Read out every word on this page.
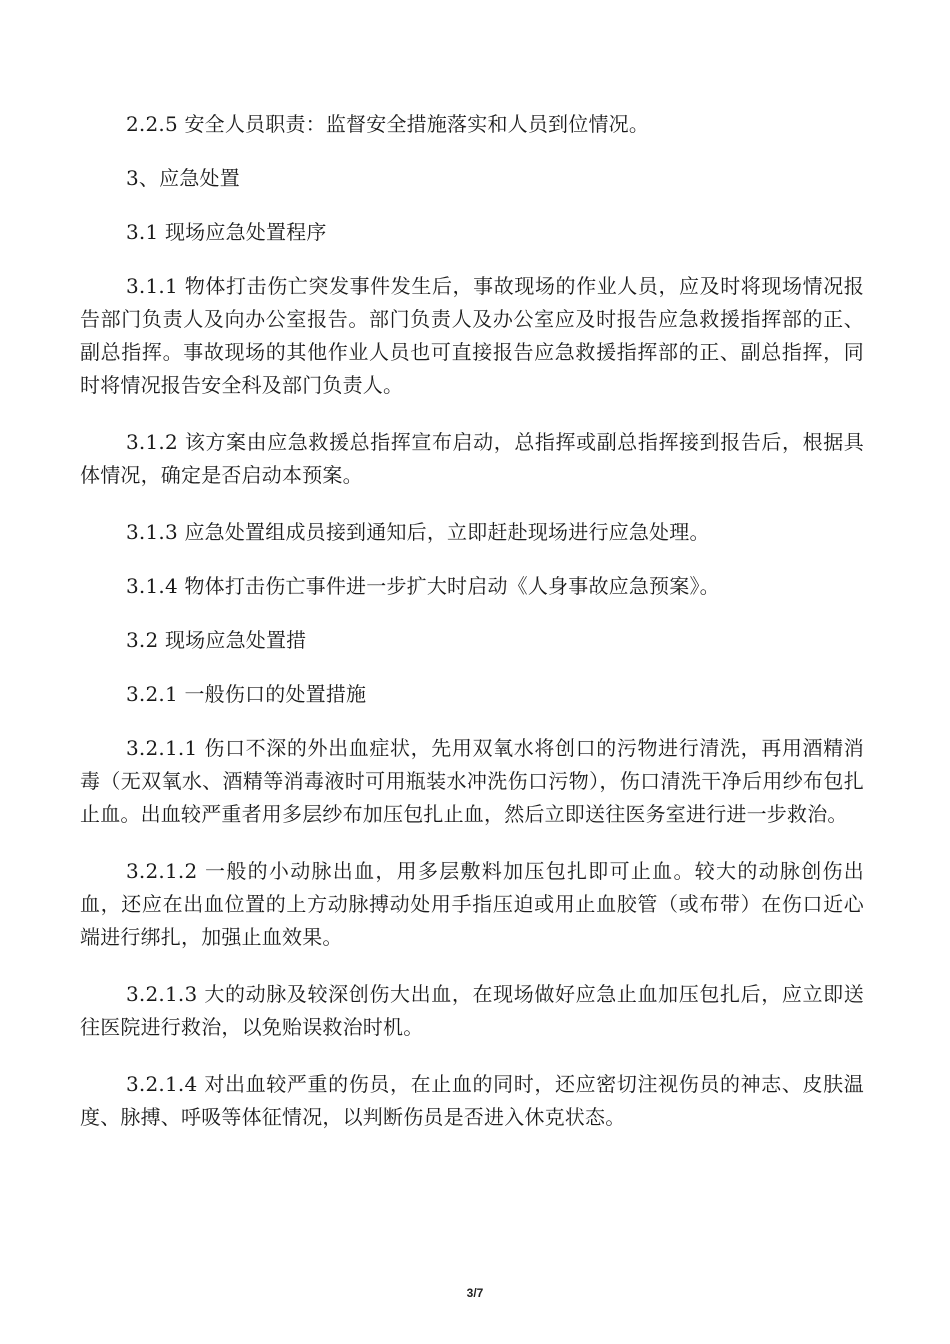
2.2.5 安全人员职责：监督安全措施落实和人员到位情况。

3、应急处置

3.1 现场应急处置程序

3.1.1 物体打击伤亡突发事件发生后，事故现场的作业人员，应及时将现场情况报告部门负责人及向办公室报告。部门负责人及办公室应及时报告应急救援指挥部的正、副总指挥。事故现场的其他作业人员也可直接报告应急救援指挥部的正、副总指挥，同时将情况报告安全科及部门负责人。

3.1.2 该方案由应急救援总指挥宣布启动，总指挥或副总指挥接到报告后，根据具体情况，确定是否启动本预案。

3.1.3 应急处置组成员接到通知后，立即赶赴现场进行应急处理。

3.1.4 物体打击伤亡事件进一步扩大时启动《人身事故应急预案》。

3.2 现场应急处置措

3.2.1 一般伤口的处置措施

3.2.1.1 伤口不深的外出血症状，先用双氧水将创口的污物进行清洗，再用酒精消毒（无双氧水、酒精等消毒液时可用瓶装水冲洗伤口污物），伤口清洗干净后用纱布包扎止血。出血较严重者用多层纱布加压包扎止血，然后立即送往医务室进行进一步救治。

3.2.1.2 一般的小动脉出血，用多层敷料加压包扎即可止血。较大的动脉创伤出血，还应在出血位置的上方动脉搏动处用手指压迫或用止血胶管（或布带）在伤口近心端进行绑扎，加强止血效果。

3.2.1.3 大的动脉及较深创伤大出血，在现场做好应急止血加压包扎后，应立即送往医院进行救治，以免贻误救治时机。

3.2.1.4 对出血较严重的伤员，在止血的同时，还应密切注视伤员的神志、皮肤温度、脉搏、呼吸等体征情况，以判断伤员是否进入休克状态。

3/7
